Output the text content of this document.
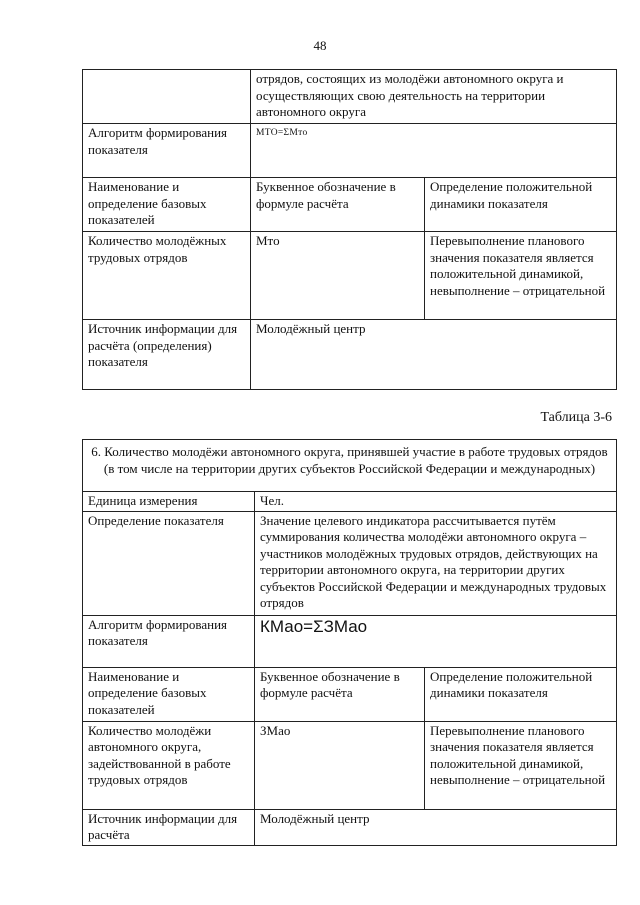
48
	отрядов, состоящих из молодёжи автономного округа и осуществляющих свою деятельность на территории автономного округа	
Алгоритм формирования показателя	МТО=ΣМто	
Наименование и определение базовых показателей	Буквенное обозначение в формуле расчёта	Определение положительной динамики показателя
Количество молодёжных трудовых отрядов	Мто	Перевыполнение планового значения показателя является положительной динамикой, невыполнение – отрицательной
Источник информации для расчёта (определения) показателя	Молодёжный центр	
Таблица 3-6
6. Количество молодёжи автономного округа, принявшей участие в работе трудовых отрядов (в том числе на территории других субъектов Российской Федерации и международных)		
Единица измерения	Чел.	
Определение показателя	Значение целевого индикатора рассчитывается путём суммирования количества молодёжи автономного округа – участников молодёжных трудовых отрядов, действующих на территории автономного округа, на территории других субъектов Российской Федерации и международных трудовых отрядов	
Алгоритм формирования показателя	КМао=ΣЗМао	
Наименование и определение базовых показателей	Буквенное обозначение в формуле расчёта	Определение положительной динамики показателя
Количество молодёжи автономного округа, задействованной в работе трудовых отрядов	ЗМао	Перевыполнение планового значения показателя является положительной динамикой, невыполнение – отрицательной
Источник информации для расчёта	Молодёжный центр	
